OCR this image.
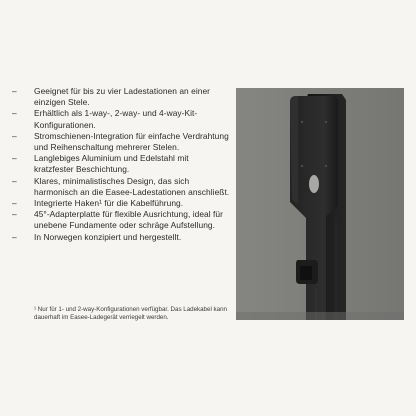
–	Geeignet für bis zu vier Ladestationen an einer einzigen Stele.
–	Erhältlich als 1-way-, 2-way- und 4-way-Kit-Konfigurationen.
–	Stromschienen-Integration für einfache Verdrahtung und Reihenschaltung mehrerer Stelen.
–	Langlebiges Aluminium und Edelstahl mit kratzfester Beschichtung.
–	Klares, minimalistisches Design, das sich harmonisch an die Easee-Ladestationen anschließt.
–	Integrierte Haken¹ für die Kabelführung.
–	45°-Adapterplatte für flexible Ausrichtung, ideal für unebene Fundamente oder schräge Aufstellung.
–	In Norwegen konzipiert und hergestellt.
¹ Nur für 1- und 2-way-Konfigurationen verfügbar. Das Ladekabel kann dauerhaft im Easee-Ladegerät verriegelt werden.
